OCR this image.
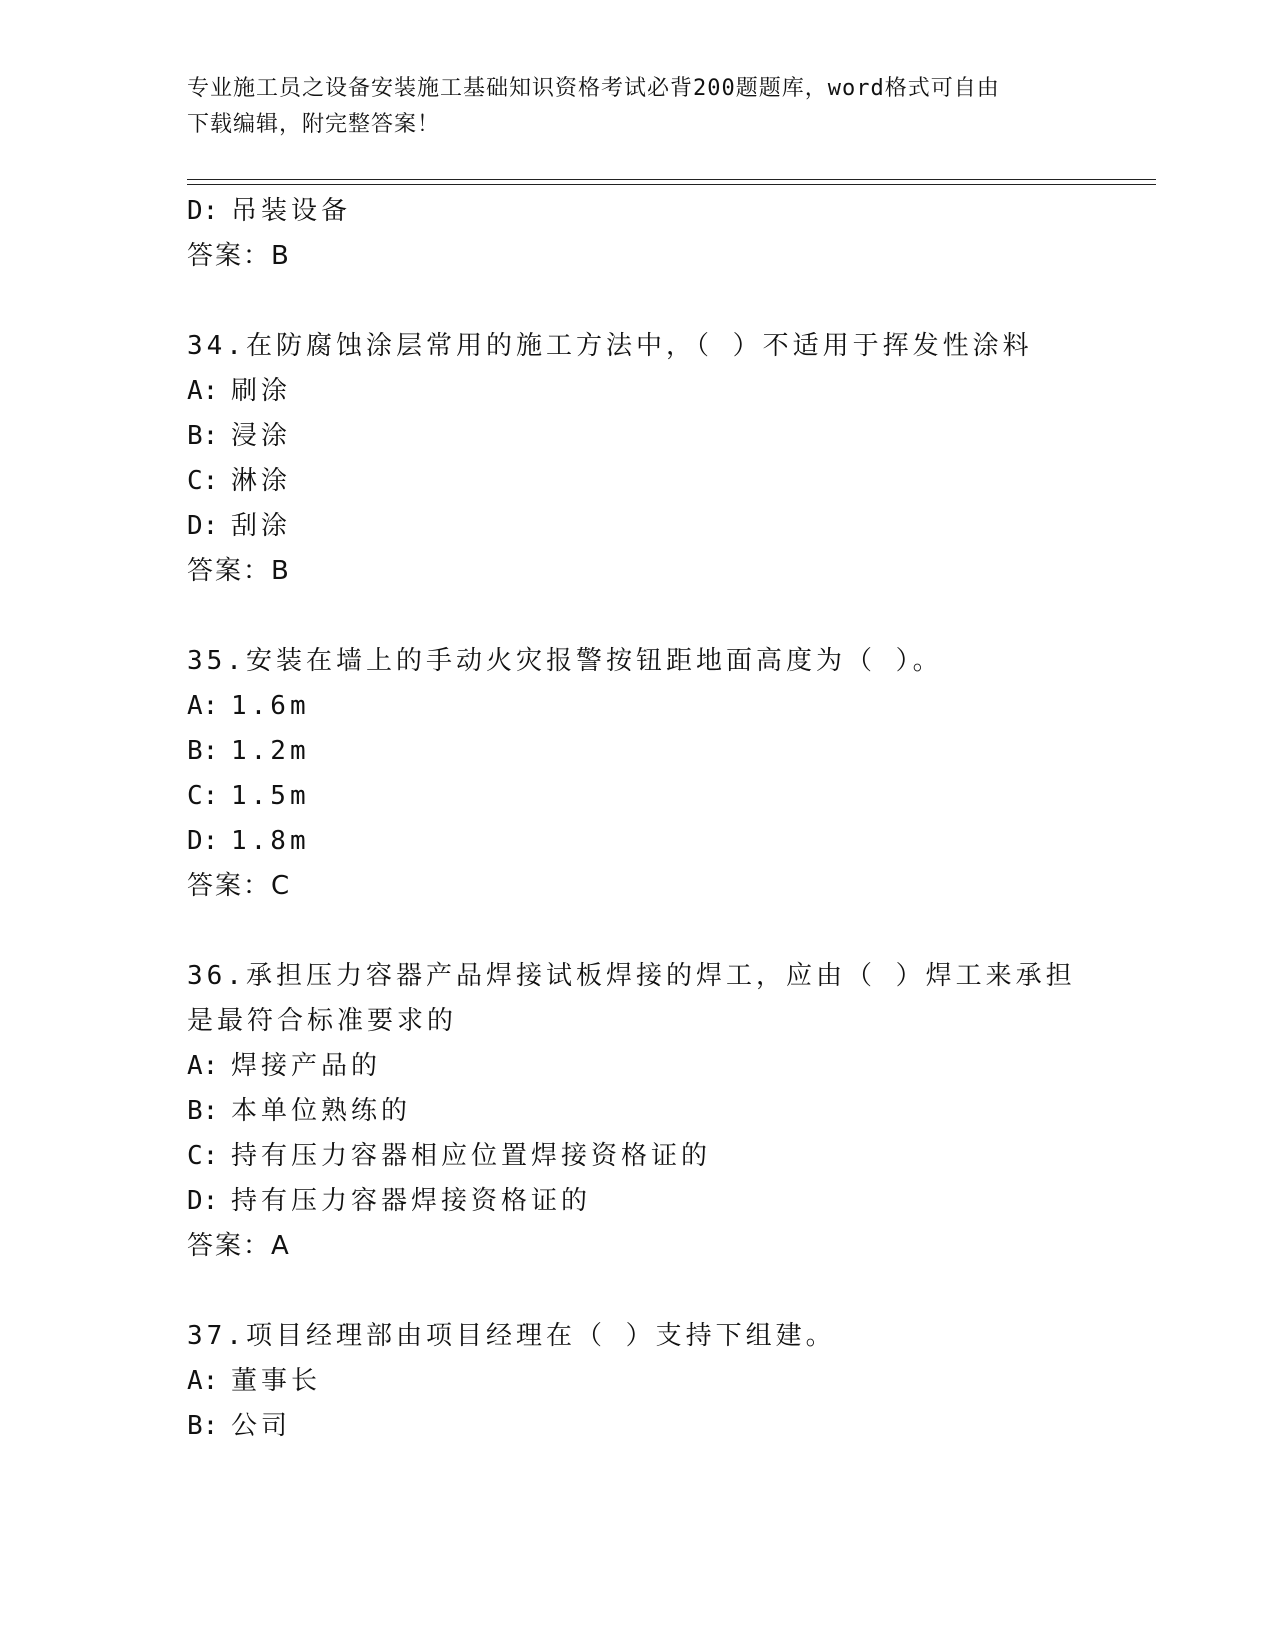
专业施工员之设备安装施工基础知识资格考试必背200题题库，word格式可自由
下载编辑，附完整答案！
D: 吊装设备
答案：B
34.在防腐蚀涂层常用的施工方法中，（ ）不适用于挥发性涂料
A: 刷涂
B: 浸涂
C: 淋涂
D: 刮涂
答案：B
35.安装在墙上的手动火灾报警按钮距地面高度为（ ）。
A: 1.6m
B: 1.2m
C: 1.5m
D: 1.8m
答案：C
36.承担压力容器产品焊接试板焊接的焊工，应由（ ）焊工来承担是最符合标准要求的
A: 焊接产品的
B: 本单位熟练的
C: 持有压力容器相应位置焊接资格证的
D: 持有压力容器焊接资格证的
答案：A
37.项目经理部由项目经理在（ ）支持下组建。
A: 董事长
B: 公司
